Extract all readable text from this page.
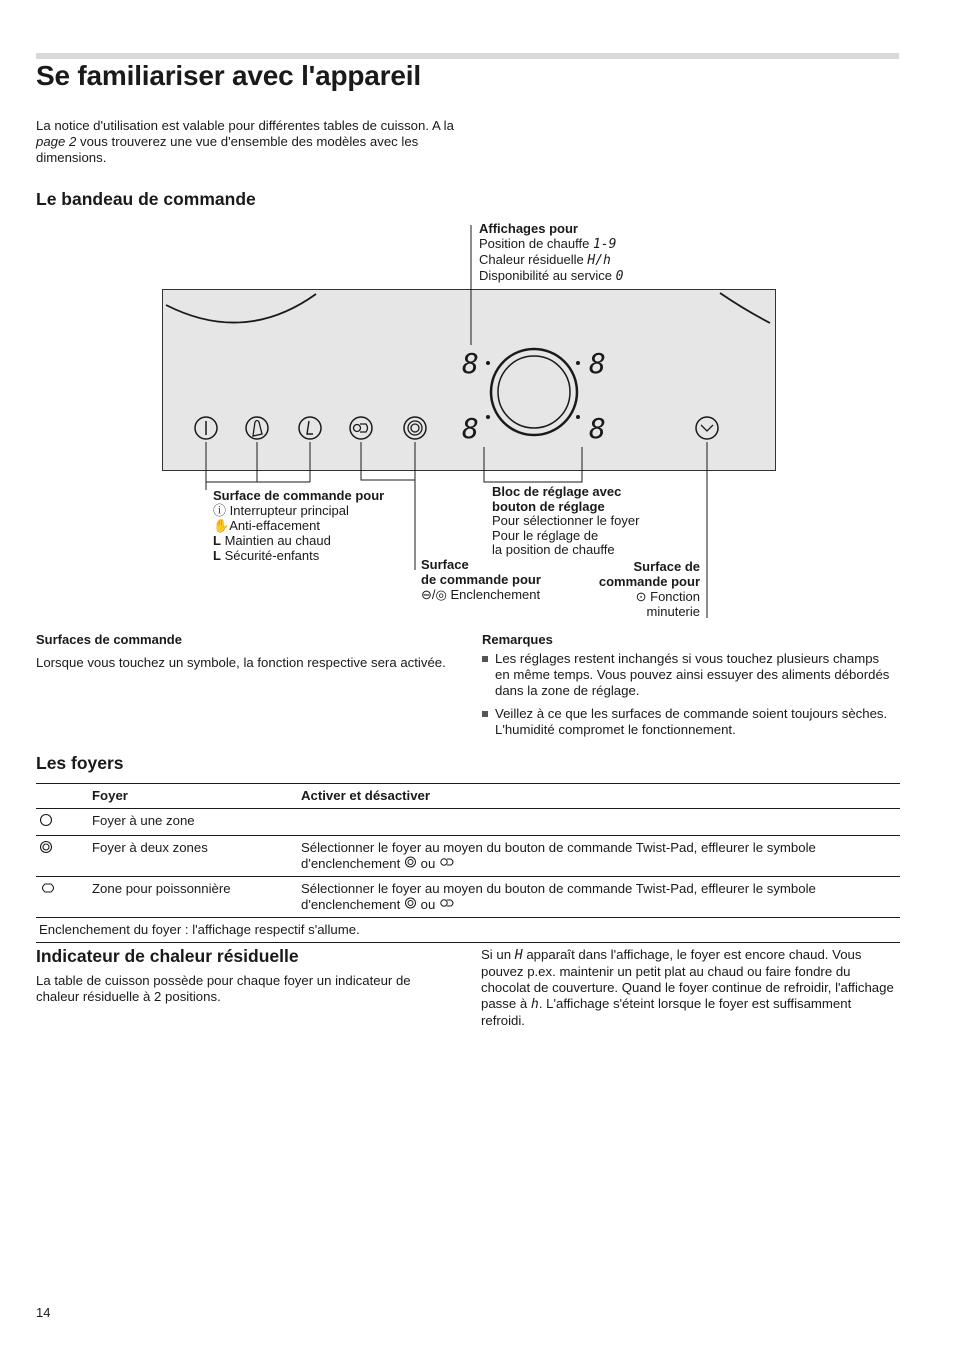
Se familiariser avec l'appareil
La notice d'utilisation est valable pour différentes tables de cuisson. A la page 2 vous trouverez une vue d'ensemble des modèles avec les dimensions.
Le bandeau de commande
Affichages pour
Position de chauffe 1-9
Chaleur résiduelle H/h
Disponibilité au service 0
8	8
8	8
Surface de commande pour
ⓘ Interrupteur principal
✋Anti-effacement
L Maintien au chaud
L Sécurité-enfants
Surface
de commande pour
⊖/◎ Enclenchement
Bloc de réglage avec
bouton de réglage
Pour sélectionner le foyer
Pour le réglage de
la position de chauffe
Surface de
commande pour
⊙ Fonction
minuterie
Surfaces de commande
Lorsque vous touchez un symbole, la fonction respective sera activée.
Remarques
Les réglages restent inchangés si vous touchez plusieurs champs en même temps. Vous pouvez ainsi essuyer des aliments débordés dans la zone de réglage.
Veillez à ce que les surfaces de commande soient toujours sèches. L'humidité compromet le fonctionnement.
Les foyers
	Foyer	Activer et désactiver
	Foyer à une zone	
	Foyer à deux zones	Sélectionner le foyer au moyen du bouton de commande Twist-Pad, effleurer le symbole d'enclenchement ou
	Zone pour poissonnière	Sélectionner le foyer au moyen du bouton de commande Twist-Pad, effleurer le symbole d'enclenchement ou
Enclenchement du foyer : l'affichage respectif s'allume.		
Indicateur de chaleur résiduelle
La table de cuisson possède pour chaque foyer un indicateur de chaleur résiduelle à 2 positions.
Si un H apparaît dans l'affichage, le foyer est encore chaud. Vous pouvez p.ex. maintenir un petit plat au chaud ou faire fondre du chocolat de couverture. Quand le foyer continue de refroidir, l'affichage passe à h. L'affichage s'éteint lorsque le foyer est suffisamment refroidi.
14
